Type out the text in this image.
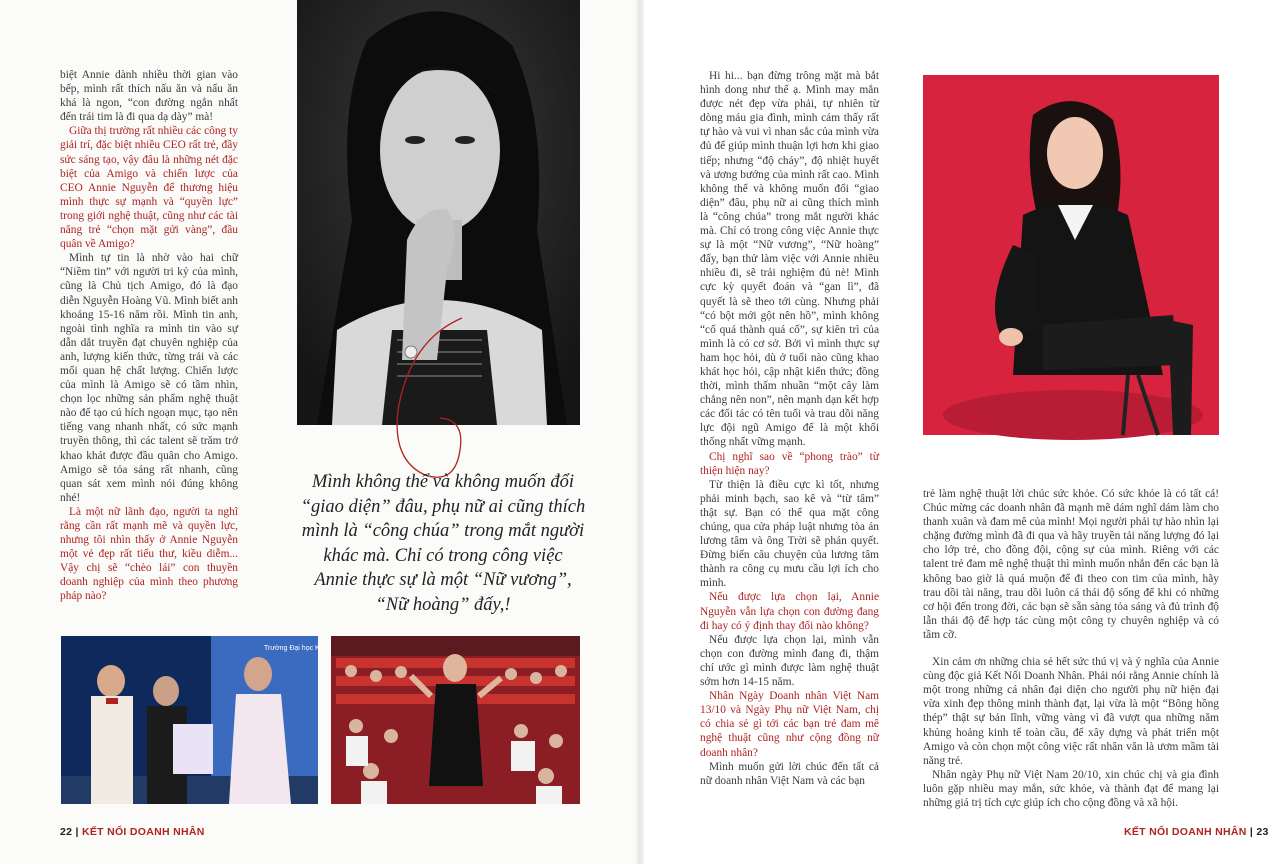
biệt Annie dành nhiều thời gian vào bếp, mình rất thích nấu ăn và nấu ăn khá là ngon, “con đường ngắn nhất đến trái tim là đi qua dạ dày” mà!

Giữa thị trường rất nhiều các công ty giải trí, đặc biệt nhiều CEO rất trẻ, đầy sức sáng tạo, vậy đâu là những nét đặc biệt của Amigo và chiến lược của CEO Annie Nguyễn để thương hiệu mình thực sự mạnh và “quyền lực” trong giới nghệ thuật, cũng như các tài năng trẻ “chọn mặt gửi vàng”, đầu quân về Amigo?

Mình tự tin là nhờ vào hai chữ “Niềm tin” với người tri kỷ của mình, cũng là Chủ tịch Amigo, đó là đạo diễn Nguyễn Hoàng Vũ. Mình biết anh khoảng 15-16 năm rồi. Mình tin anh, ngoài tình nghĩa ra mình tin vào sự dẫn dắt truyền đạt chuyên nghiệp của anh, lượng kiến thức, từng trải và các mối quan hệ chất lượng. Chiến lược của mình là Amigo sẽ có tầm nhìn, chọn lọc những sản phẩm nghệ thuật nào để tạo cú hích ngoạn mục, tạo nên tiếng vang nhanh nhất, có sức mạnh truyền thông, thì các talent sẽ trăm trở khao khát được đầu quân cho Amigo. Amigo sẽ tỏa sáng rất nhanh, cũng quan sát xem mình nói đúng không nhé!

Là một nữ lãnh đạo, người ta nghĩ rằng cần rất mạnh mẽ và quyền lực, nhưng tôi nhìn thấy ở Annie Nguyễn một vẻ đẹp rất tiểu thư, kiều diễm... Vậy chị sẽ “chèo lái” con thuyền doanh nghiệp của mình theo phương pháp nào?

Mình không thể và không muốn đổi “giao diện” đâu, phụ nữ ai cũng thích mình là “công chúa” trong mắt người khác mà. Chỉ có trong công việc Annie thực sự là một “Nữ vương”, “Nữ hoàng” đấy,!
Trường Đại học Khoa

Hi hi... bạn đừng trông mặt mà bắt hình dong như thế ạ. Mình may mắn được nét đẹp vừa phải, tự nhiên từ dòng máu gia đình, mình cảm thấy rất tự hào và vui vì nhan sắc của mình vừa đủ để giúp mình thuận lợi hơn khi giao tiếp; nhưng “độ cháy”, độ nhiệt huyết và ương bướng của mình rất cao. Mình không thể và không muốn đổi “giao diện” đâu, phụ nữ ai cũng thích mình là “công chúa” trong mắt người khác mà. Chỉ có trong công việc Annie thực sự là một “Nữ vương”, “Nữ hoàng” đấy, bạn thử làm việc với Annie nhiều nhiều đi, sẽ trải nghiệm đủ nè! Mình cực kỳ quyết đoán và “gan lì”, đã quyết là sẽ theo tới cùng. Nhưng phải “có bột mới gột nên hồ”, mình không “cố quá thành quá cố”, sự kiên trì của mình là có cơ sở. Bởi vì mình thực sự ham học hỏi, dù ở tuổi nào cũng khao khát học hỏi, cập nhật kiến thức; đồng thời, mình thấm nhuần “một cây làm chẳng nên non”, nên mạnh dạn kết hợp các đối tác có tên tuổi và trau dồi năng lực đội ngũ Amigo để là một khối thống nhất vững mạnh.

Chị nghĩ sao về “phong trào” từ thiện hiện nay?

Từ thiện là điều cực kì tốt, nhưng phải minh bạch, sao kê và “từ tâm” thật sự. Bạn có thể qua mặt công chúng, qua cửa pháp luật nhưng tòa án lương tâm và ông Trời sẽ phán quyết. Đừng biến câu chuyện của lương tâm thành ra công cụ mưu cầu lợi ích cho mình.

Nếu được lựa chọn lại, Annie Nguyễn vẫn lựa chọn con đường đang đi hay có ý định thay đổi nào không?

Nếu được lựa chọn lại, mình vẫn chọn con đường mình đang đi, thậm chí ước gì mình được làm nghệ thuật sớm hơn 14-15 năm.

Nhân Ngày Doanh nhân Việt Nam 13/10 và Ngày Phụ nữ Việt Nam, chị có chia sẻ gì tới các bạn trẻ đam mê nghệ thuật cũng như cộng đồng nữ doanh nhân?

Mình muốn gửi lời chúc đến tất cả nữ doanh nhân Việt Nam và các bạn

trẻ làm nghệ thuật lời chúc sức khỏe. Có sức khỏe là có tất cả! Chúc mừng các doanh nhân đã mạnh mẽ dám nghĩ dám làm cho thanh xuân và đam mê của mình! Mọi người phải tự hào nhìn lại chặng đường mình đã đi qua và hãy truyền tải năng lượng đó lại cho lớp trẻ, cho đồng đội, cộng sự của mình. Riêng với các talent trẻ đam mê nghệ thuật thì mình muốn nhắn đến các bạn là không bao giờ là quá muộn để đi theo con tim của mình, hãy trau dồi tài năng, trau dồi luôn cả thái độ sống để khi có những cơ hội đến trong đời, các bạn sẽ sẵn sàng tỏa sáng và đủ trình độ lẫn thái độ để hợp tác cùng một công ty chuyên nghiệp và có tầm cỡ.

Xin cảm ơn những chia sẻ hết sức thú vị và ý nghĩa của Annie cùng độc giả Kết Nối Doanh Nhân. Phải nói rằng Annie chính là một trong những cá nhân đại diện cho người phụ nữ hiện đại vừa xinh đẹp thông minh thành đạt, lại vừa là một “Bông hồng thép” thật sự bản lĩnh, vững vàng vì đã vượt qua những năm khủng hoảng kinh tế toàn cầu, để xây dựng và phát triển một Amigo và còn chọn một công việc rất nhân văn là ươm mầm tài năng trẻ.

Nhân ngày Phụ nữ Việt Nam 20/10, xin chúc chị và gia đình luôn gặp nhiều may mắn, sức khỏe, và thành đạt để mang lại những giá trị tích cực giúp ích cho cộng đồng và xã hội.

22 | KẾT NỐI DOANH NHÂN	KẾT NỐI DOANH NHÂN | 23
